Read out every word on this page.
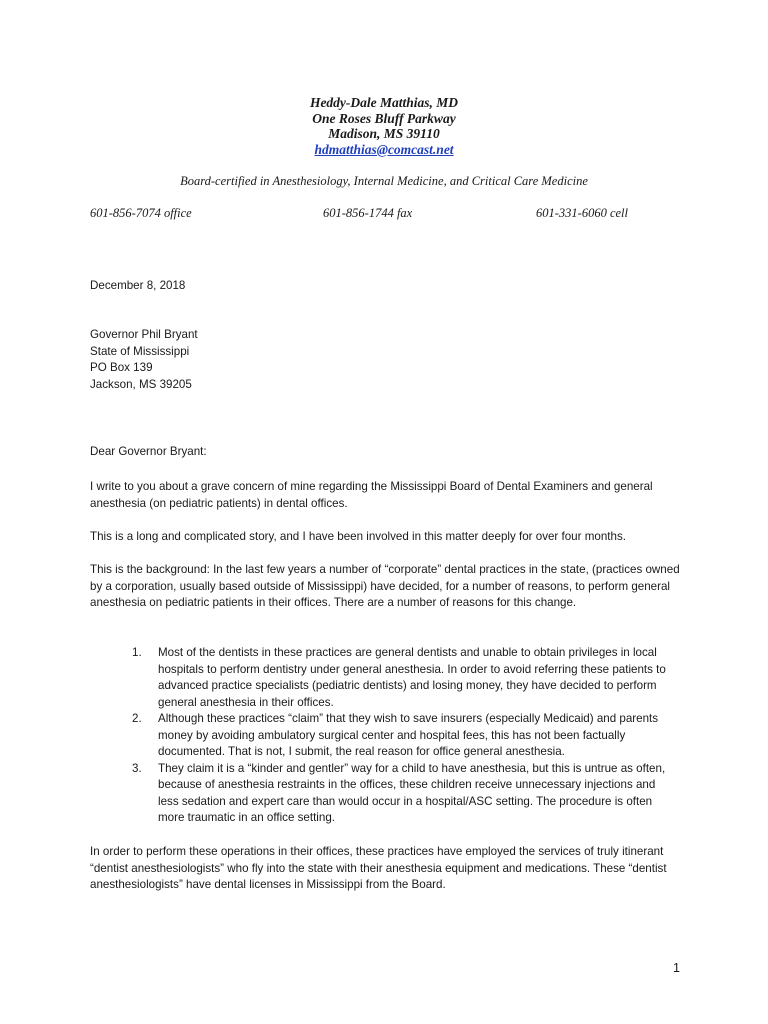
Heddy-Dale Matthias, MD
One Roses Bluff Parkway
Madison, MS 39110
hdmatthias@comcast.net
Board-certified in Anesthesiology, Internal Medicine, and Critical Care Medicine
601-856-7074 office	601-856-1744 fax	601-331-6060 cell
December 8, 2018
Governor Phil Bryant
State of Mississippi
PO Box 139
Jackson, MS 39205
Dear Governor Bryant:

I write to you about a grave concern of mine regarding the Mississippi Board of Dental Examiners and general anesthesia (on pediatric patients) in dental offices.

This is a long and complicated story, and I have been involved in this matter deeply for over four months.

This is the background: In the last few years a number of “corporate” dental practices in the state, (practices owned by a corporation, usually based outside of Mississippi) have decided, for a number of reasons, to perform general anesthesia on pediatric patients in their offices. There are a number of reasons for this change.

1. Most of the dentists in these practices are general dentists and unable to obtain privileges in local hospitals to perform dentistry under general anesthesia. In order to avoid referring these patients to advanced practice specialists (pediatric dentists) and losing money, they have decided to perform general anesthesia in their offices.
2. Although these practices “claim” that they wish to save insurers (especially Medicaid) and parents money by avoiding ambulatory surgical center and hospital fees, this has not been factually documented. That is not, I submit, the real reason for office general anesthesia.
3. They claim it is a “kinder and gentler” way for a child to have anesthesia, but this is untrue as often, because of anesthesia restraints in the offices, these children receive unnecessary injections and less sedation and expert care than would occur in a hospital/ASC setting. The procedure is often more traumatic in an office setting.

In order to perform these operations in their offices, these practices have employed the services of truly itinerant “dentist anesthesiologists” who fly into the state with their anesthesia equipment and medications. These “dentist anesthesiologists” have dental licenses in Mississippi from the Board.

1
